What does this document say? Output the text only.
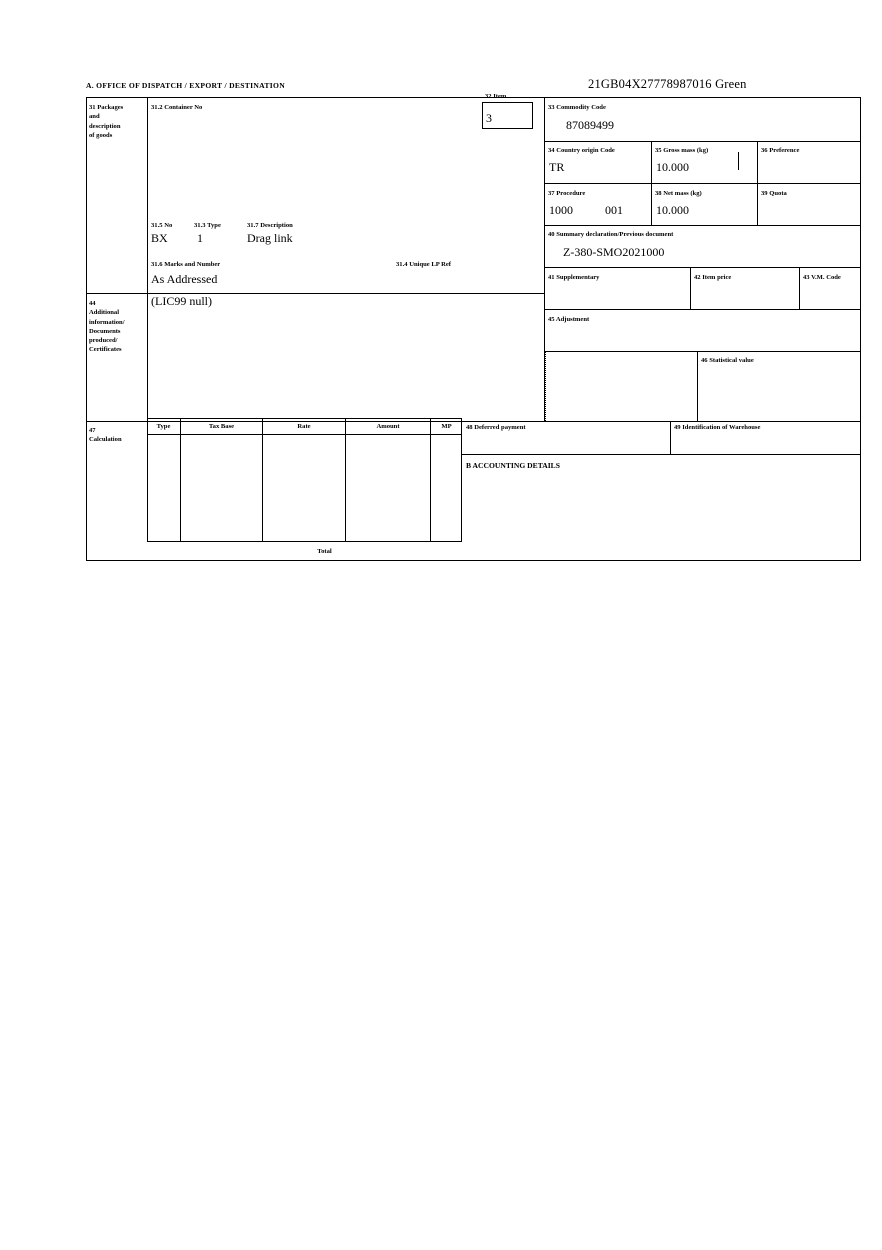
A. OFFICE OF DISPATCH / EXPORT / DESTINATION	21GB04X27778987016 Green
31 Packages
and
description
of goods
31.2 Container No
31.5 No	31.3 Type	31.7 Description
BX 1	Drag link
31.6 Marks and Number
As Addressed
31.4 Unique LP Ref
32 Item
3
33 Commodity Code
87089499
34 Country origin Code
TR
35 Gross mass (kg)
10.000
36 Preference
37 Procedure
1000	001
38 Net mass (kg)
10.000
39 Quota
40 Summary declaration/Previous document
Z-380-SMO2021000
41 Supplementary	42 Item price	43 V.M. Code
45 Adjustment
46 Statistical value
44
Additional
information/
Documents
produced/
Certificates
(LIC99 null)
47
Calculation
Type	Tax Base	Rate	Amount	MP
Total
48 Deferred payment	49 Identification of Warehouse
B ACCOUNTING DETAILS
